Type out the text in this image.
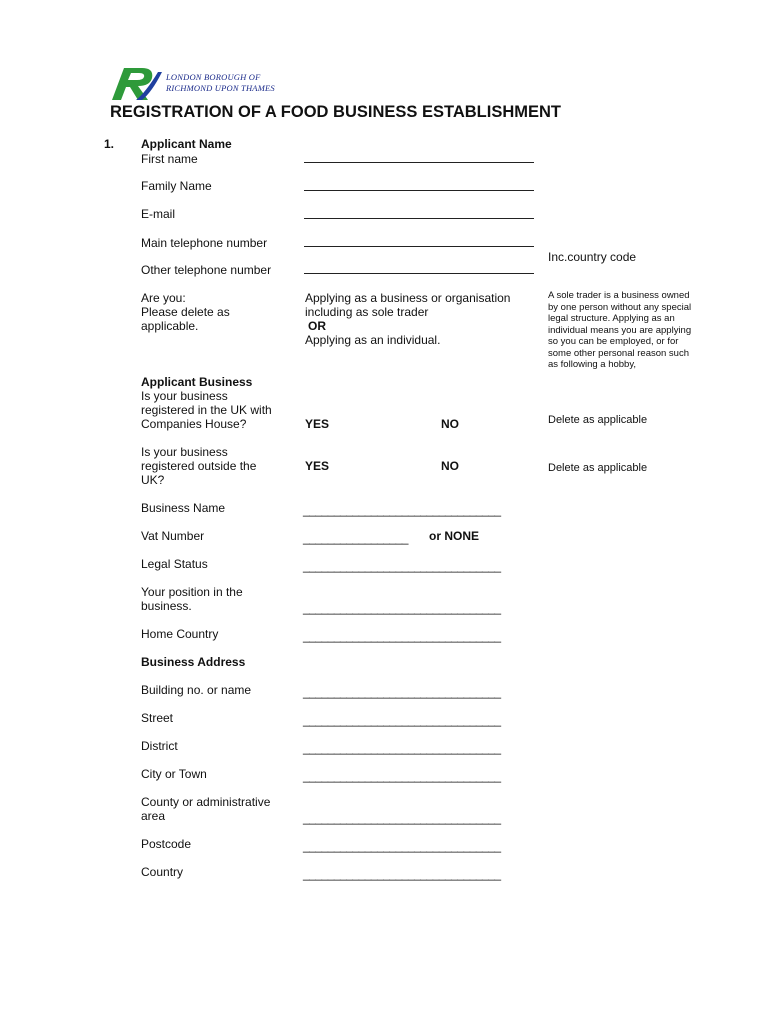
LONDON BOROUGH OF
RICHMOND UPON THAMES
REGISTRATION OF A FOOD BUSINESS ESTABLISHMENT
1. Applicant Name
First name
Family Name
E-mail
Main telephone number
Inc.country code
Other telephone number
Are you:
Please delete as
applicable.
Applying as a business or organisation
including as sole trader
OR
Applying as an individual.
A sole trader is a business owned
by one person without any special
legal structure. Applying as an
individual means you are applying
so you can be employed, or for
some other personal reason such
as following a hobby,
Applicant Business
Is your business
registered in the UK with
Companies House?	YES	NO	Delete as applicable
Is your business
registered outside the
UK?
YES	NO	Delete as applicable
Business Name	________________________________
Vat Number	_________________ or NONE
Legal Status	________________________________
Your position in the
business.	________________________________
Home Country	________________________________
Business Address
Building no. or name	________________________________
Street	________________________________
District	________________________________
City or Town	________________________________
County or administrative
area	________________________________
Postcode	________________________________
Country	________________________________
